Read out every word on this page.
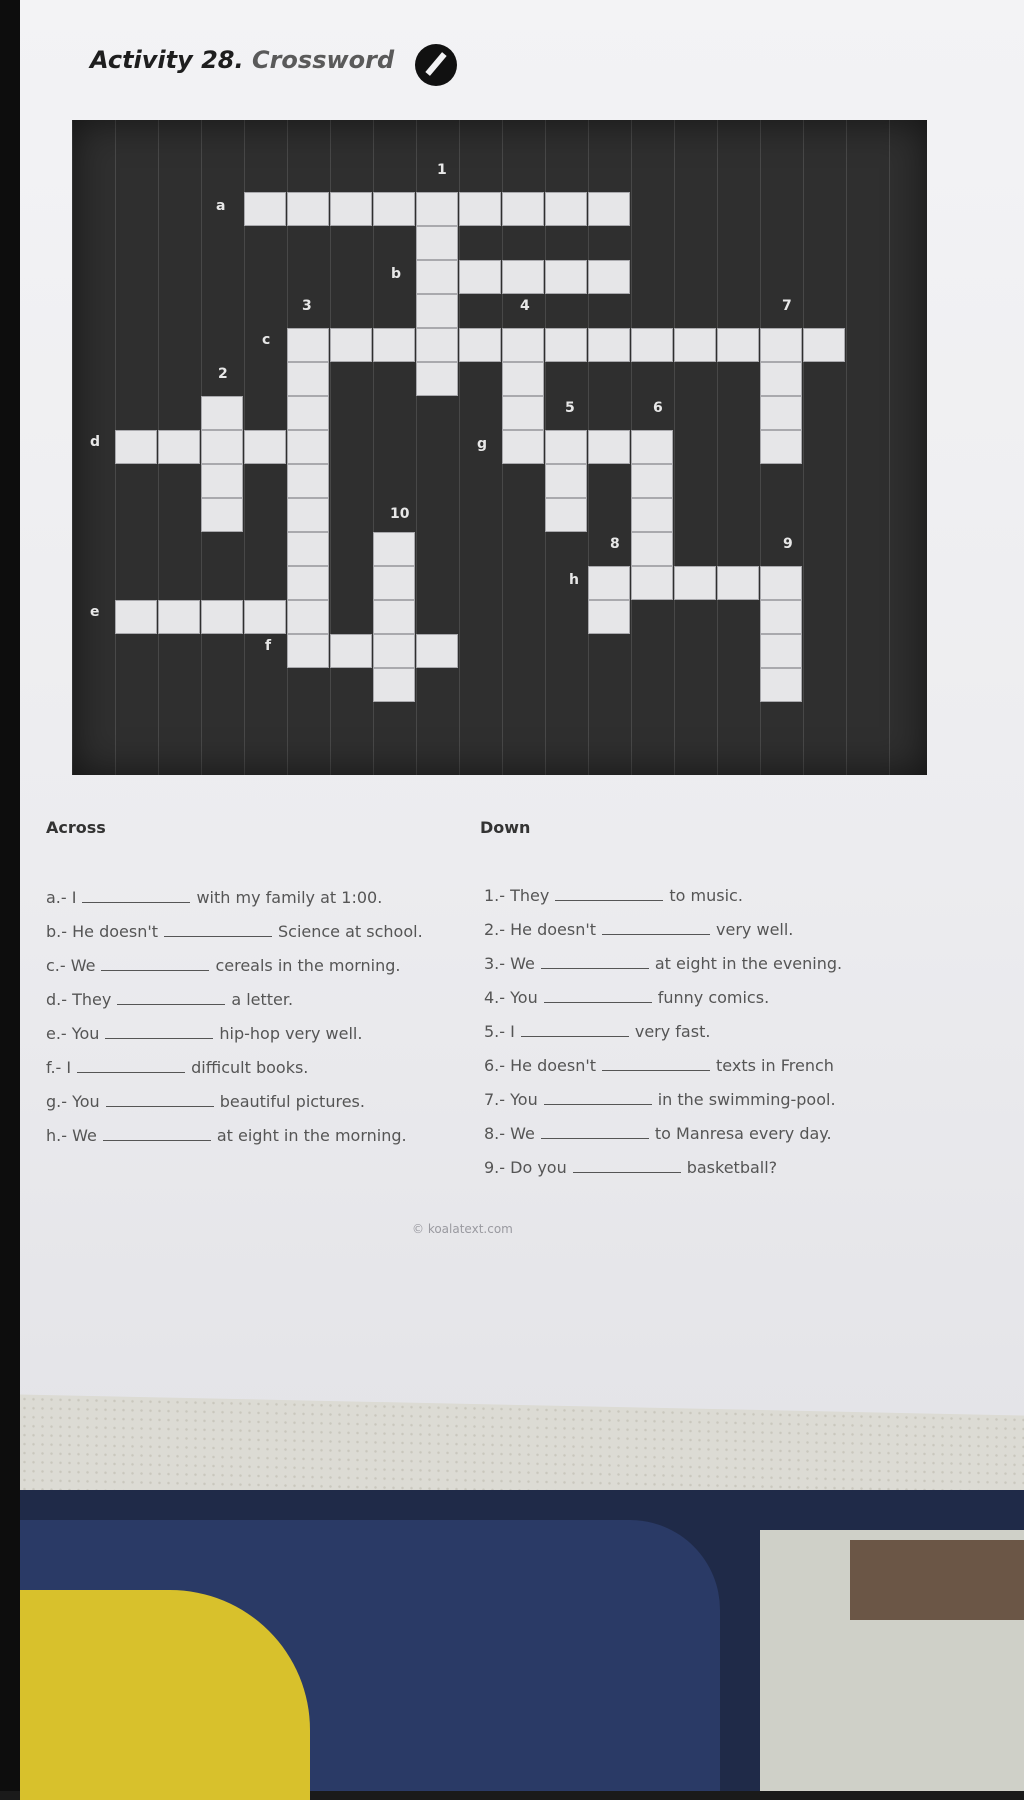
Activity 28. Crossword
1
2
3	4
5	6
7
8	9
10
a
b
c
d
e
f
g
h
Across	Down
a.- I	with my family at 1:00.
b.- He doesn't	Science at school.
c.- We	cereals in the morning.
d.- They	a letter.
e.- You	hip-hop very well.
f.- I	difficult books.
g.- You	beautiful pictures.
h.- We	at eight in the morning.
1.- They	to music.
2.- He doesn't	very well.
3.- We	at eight in the evening.
4.- You	funny comics.
5.- I	very fast.
6.- He doesn't	texts in French
7.- You	in the swimming-pool.
8.- We	to Manresa every day.
9.- Do you	basketball?
© koalatext.com
